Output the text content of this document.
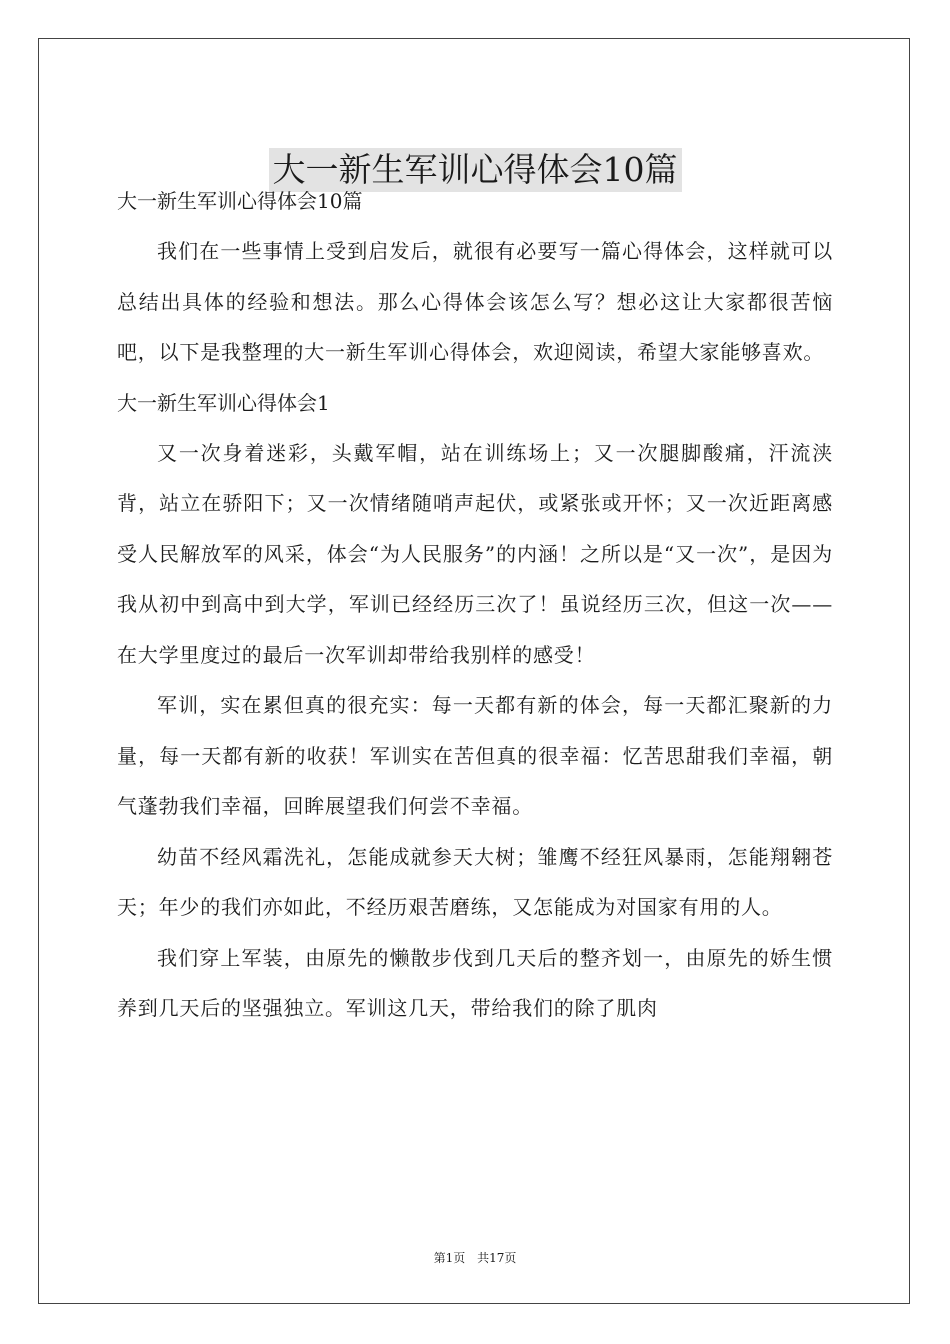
大一新生军训心得体会10篇

大一新生军训心得体会10篇

我们在一些事情上受到启发后，就很有必要写一篇心得体会，这样就可以总结出具体的经验和想法。那么心得体会该怎么写？想必这让大家都很苦恼吧，以下是我整理的大一新生军训心得体会，欢迎阅读，希望大家能够喜欢。

大一新生军训心得体会1

又一次身着迷彩，头戴军帽，站在训练场上；又一次腿脚酸痛，汗流浃背，站立在骄阳下；又一次情绪随哨声起伏，或紧张或开怀；又一次近距离感受人民解放军的风采，体会“为人民服务”的内涵！之所以是“又一次”，是因为我从初中到高中到大学，军训已经经历三次了！虽说经历三次，但这一次——在大学里度过的最后一次军训却带给我别样的感受！

军训，实在累但真的很充实：每一天都有新的体会，每一天都汇聚新的力量，每一天都有新的收获！军训实在苦但真的很幸福：忆苦思甜我们幸福，朝气蓬勃我们幸福，回眸展望我们何尝不幸福。

幼苗不经风霜洗礼，怎能成就参天大树；雏鹰不经狂风暴雨，怎能翔翱苍天；年少的我们亦如此，不经历艰苦磨练，又怎能成为对国家有用的人。

我们穿上军装，由原先的懒散步伐到几天后的整齐划一，由原先的娇生惯养到几天后的坚强独立。军训这几天，带给我们的除了肌肉

第1页 共17页
